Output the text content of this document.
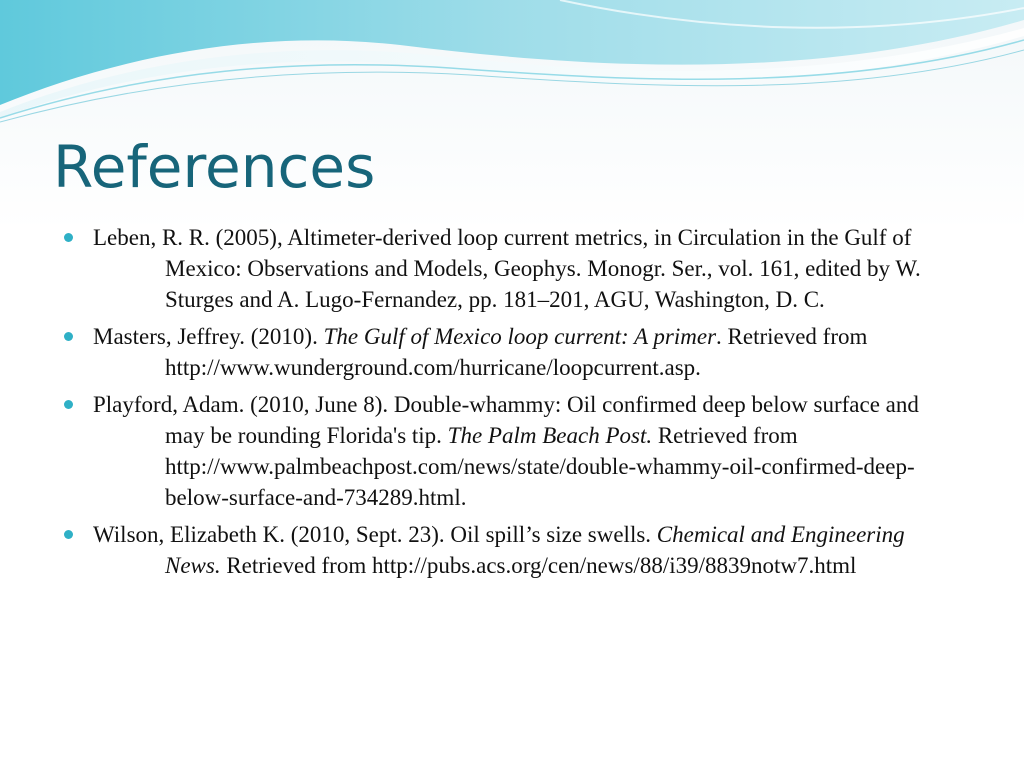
References
Leben, R. R. (2005), Altimeter-derived loop current metrics, in Circulation in the Gulf of Mexico: Observations and Models, Geophys. Monogr. Ser., vol. 161, edited by W. Sturges and A. Lugo-Fernandez, pp. 181–201, AGU, Washington, D. C.
Masters, Jeffrey. (2010). The Gulf of Mexico loop current: A primer. Retrieved from http://www.wunderground.com/hurricane/loopcurrent.asp.
Playford, Adam. (2010, June 8). Double-whammy: Oil confirmed deep below surface and may be rounding Florida's tip. The Palm Beach Post. Retrieved from http://www.palmbeachpost.com/news/state/double-whammy-oil-confirmed-deep-below-surface-and-734289.html.
Wilson, Elizabeth K. (2010, Sept. 23). Oil spill’s size swells. Chemical and Engineering News. Retrieved from http://pubs.acs.org/cen/news/88/i39/8839notw7.html
